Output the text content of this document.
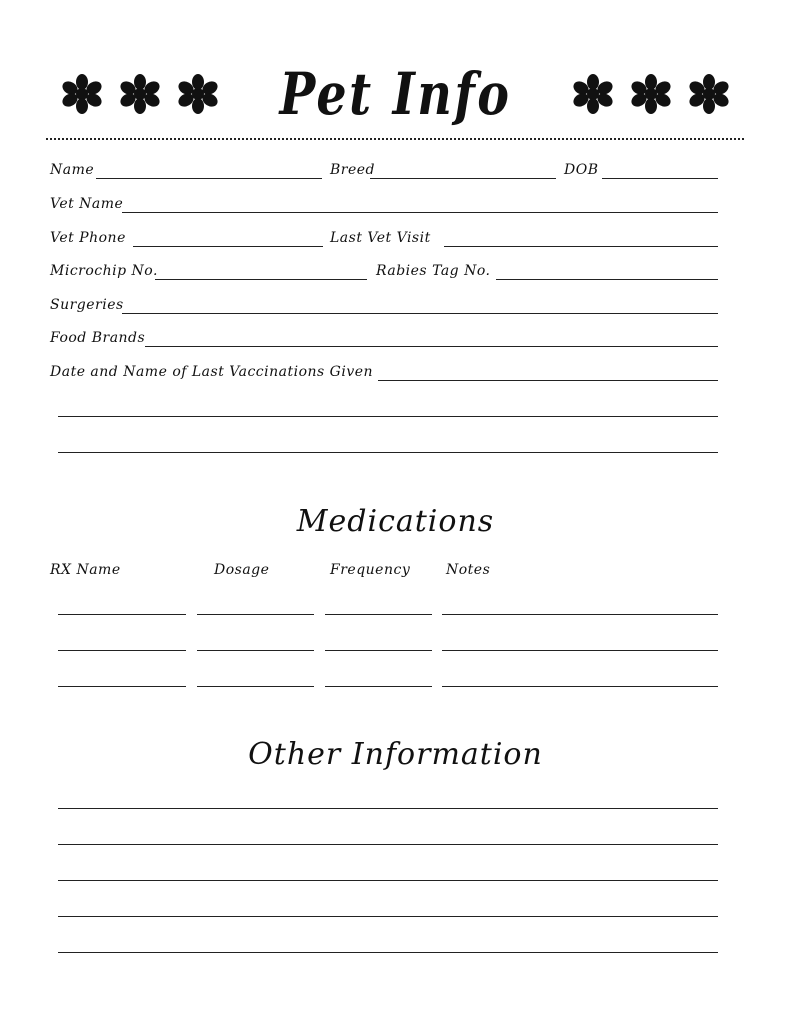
Pet Info
Name	Breed	DOB
Vet Name
Vet Phone	Last Vet Visit
Microchip No.	Rabies Tag No.
Surgeries
Food Brands
Date and Name of Last Vaccinations Given
Medications
RX Name	Dosage	Frequency	Notes
Other Information
